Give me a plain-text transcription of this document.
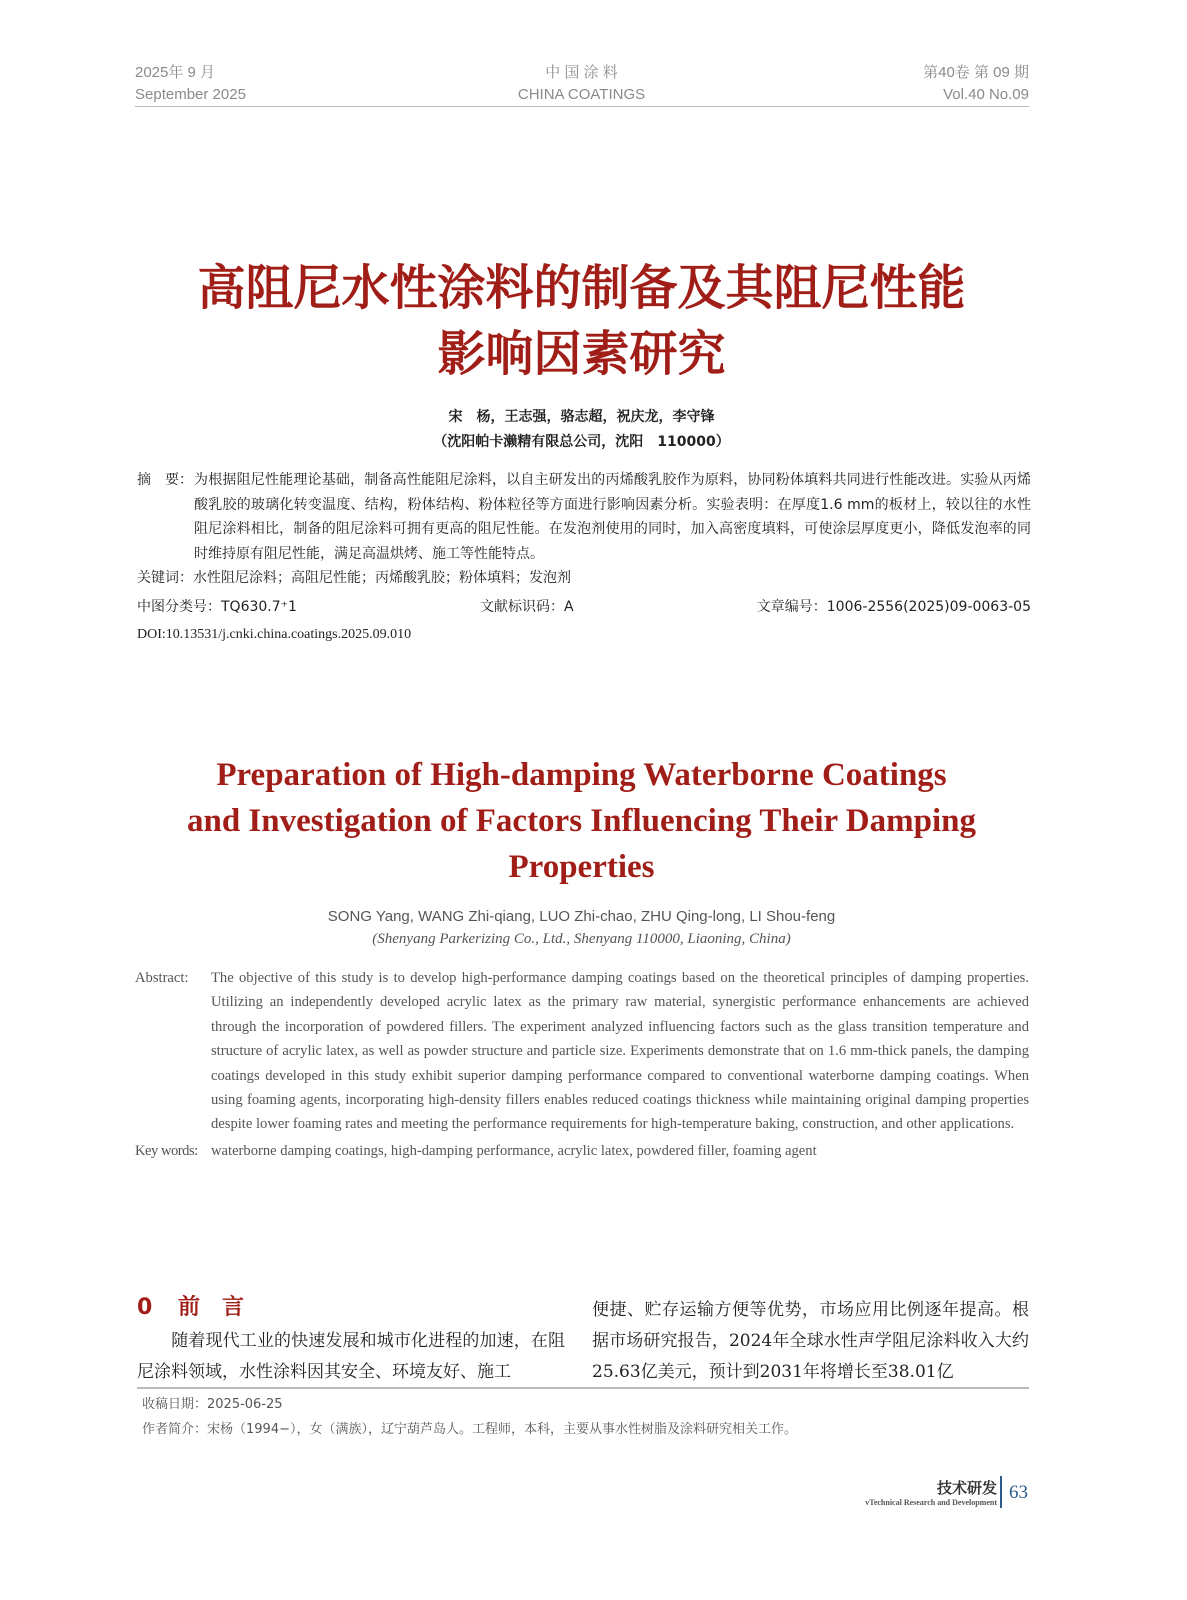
2025年 9 月
September 2025
中 国 涂 料
CHINA COATINGS
第40卷 第 09 期
Vol.40 No.09
高阻尼水性涂料的制备及其阻尼性能
影响因素研究
宋　杨，王志强，骆志超，祝庆龙，李守锋
（沈阳帕卡濑精有限总公司，沈阳　110000）
摘　要： 为根据阻尼性能理论基础，制备高性能阻尼涂料，以自主研发出的丙烯酸乳胶作为原料，协同粉体填料共同进行性能改进。实验从丙烯酸乳胶的玻璃化转变温度、结构，粉体结构、粉体粒径等方面进行影响因素分析。实验表明：在厚度1.6 mm的板材上，较以往的水性阻尼涂料相比，制备的阻尼涂料可拥有更高的阻尼性能。在发泡剂使用的同时，加入高密度填料，可使涂层厚度更小，降低发泡率的同时维持原有阻尼性能，满足高温烘烤、施工等性能特点。
关键词：水性阻尼涂料；高阻尼性能；丙烯酸乳胶；粉体填料；发泡剂
中图分类号：TQ630.7⁺1	文献标识码：A	文章编号：1006-2556(2025)09-0063-05
DOI:10.13531/j.cnki.china.coatings.2025.09.010
Preparation of High-damping Waterborne Coatings
and Investigation of Factors Influencing Their Damping
Properties
SONG Yang, WANG Zhi-qiang, LUO Zhi-chao, ZHU Qing-long, LI Shou-feng
(Shenyang Parkerizing Co., Ltd., Shenyang 110000, Liaoning, China)
Abstract: The objective of this study is to develop high-performance damping coatings based on the theoretical principles of damping properties. Utilizing an independently developed acrylic latex as the primary raw material, synergistic performance enhancements are achieved through the incorporation of powdered fillers. The experiment analyzed influencing factors such as the glass transition temperature and structure of acrylic latex, as well as powder structure and particle size. Experiments demonstrate that on 1.6 mm-thick panels, the damping coatings developed in this study exhibit superior damping performance compared to conventional waterborne damping coatings. When using foaming agents, incorporating high-density fillers enables reduced coatings thickness while maintaining original damping properties despite lower foaming rates and meeting the performance requirements for high-temperature baking, construction, and other applications.
Key words: waterborne damping coatings, high-damping performance, acrylic latex, powdered filler, foaming agent
0 前　言
　　随着现代工业的快速发展和城市化进程的加速，在阻尼涂料领域，水性涂料因其安全、环境友好、施工
便捷、贮存运输方便等优势，市场应用比例逐年提高。根据市场研究报告，2024年全球水性声学阻尼涂料收入大约25.63亿美元，预计到2031年将增长至38.01亿
收稿日期：2025-06-25
作者简介：宋杨（1994−），女（满族），辽宁葫芦岛人。工程师，本科，主要从事水性树脂及涂料研究相关工作。
技术研发
vTechnical Research and Development 63
